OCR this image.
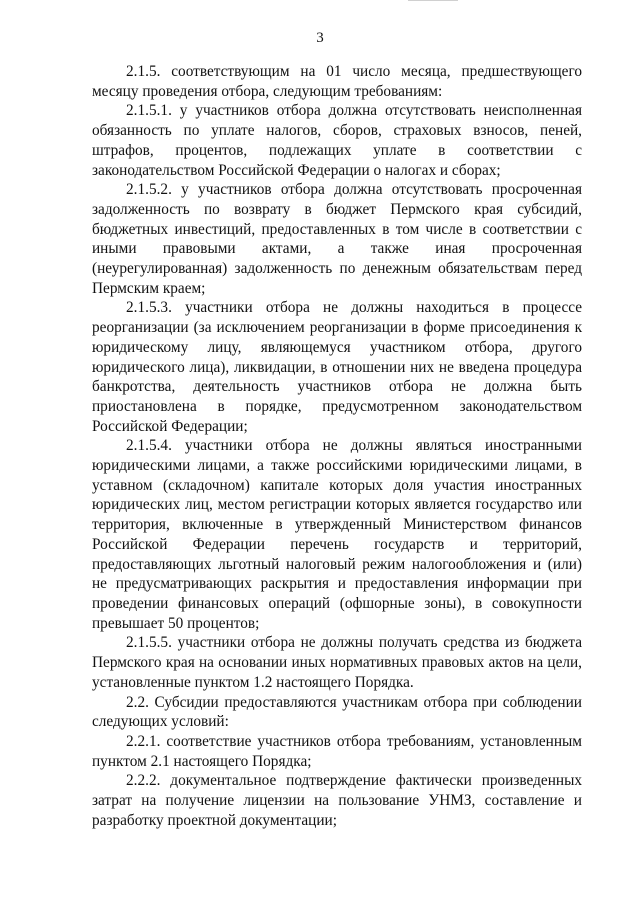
3

2.1.5. соответствующим на 01 число месяца, предшествующего месяцу проведения отбора, следующим требованиям:

2.1.5.1. у участников отбора должна отсутствовать неисполненная обязанность по уплате налогов, сборов, страховых взносов, пеней, штрафов, процентов, подлежащих уплате в соответствии с законодательством Российской Федерации о налогах и сборах;

2.1.5.2. у участников отбора должна отсутствовать просроченная задолженность по возврату в бюджет Пермского края субсидий, бюджетных инвестиций, предоставленных в том числе в соответствии с иными правовыми актами, а также иная просроченная (неурегулированная) задолженность по денежным обязательствам перед Пермским краем;

2.1.5.3. участники отбора не должны находиться в процессе реорганизации (за исключением реорганизации в форме присоединения к юридическому лицу, являющемуся участником отбора, другого юридического лица), ликвидации, в отношении них не введена процедура банкротства, деятельность участников отбора не должна быть приостановлена в порядке, предусмотренном законодательством Российской Федерации;

2.1.5.4. участники отбора не должны являться иностранными юридическими лицами, а также российскими юридическими лицами, в уставном (складочном) капитале которых доля участия иностранных юридических лиц, местом регистрации которых является государство или территория, включенные в утвержденный Министерством финансов Российской Федерации перечень государств и территорий, предоставляющих льготный налоговый режим налогообложения и (или) не предусматривающих раскрытия и предоставления информации при проведении финансовых операций (офшорные зоны), в совокупности превышает 50 процентов;

2.1.5.5. участники отбора не должны получать средства из бюджета Пермского края на основании иных нормативных правовых актов на цели, установленные пунктом 1.2 настоящего Порядка.

2.2. Субсидии предоставляются участникам отбора при соблюдении следующих условий:

2.2.1. соответствие участников отбора требованиям, установленным пунктом 2.1 настоящего Порядка;

2.2.2. документальное подтверждение фактически произведенных затрат на получение лицензии на пользование УНМЗ, составление и разработку проектной документации;
